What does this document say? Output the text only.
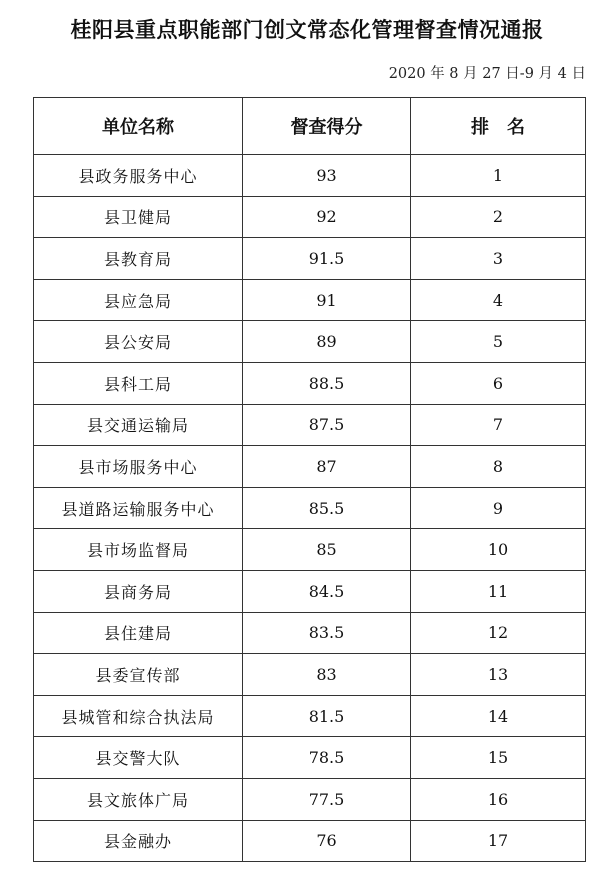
桂阳县重点职能部门创文常态化管理督查情况通报
2020 年 8 月 27 日-9 月 4 日
单位名称	督查得分	排　名
县政务服务中心	93	1
县卫健局	92	2
县教育局	91.5	3
县应急局	91	4
县公安局	89	5
县科工局	88.5	6
县交通运输局	87.5	7
县市场服务中心	87	8
县道路运输服务中心	85.5	9
县市场监督局	85	10
县商务局	84.5	11
县住建局	83.5	12
县委宣传部	83	13
县城管和综合执法局	81.5	14
县交警大队	78.5	15
县文旅体广局	77.5	16
县金融办	76	17
